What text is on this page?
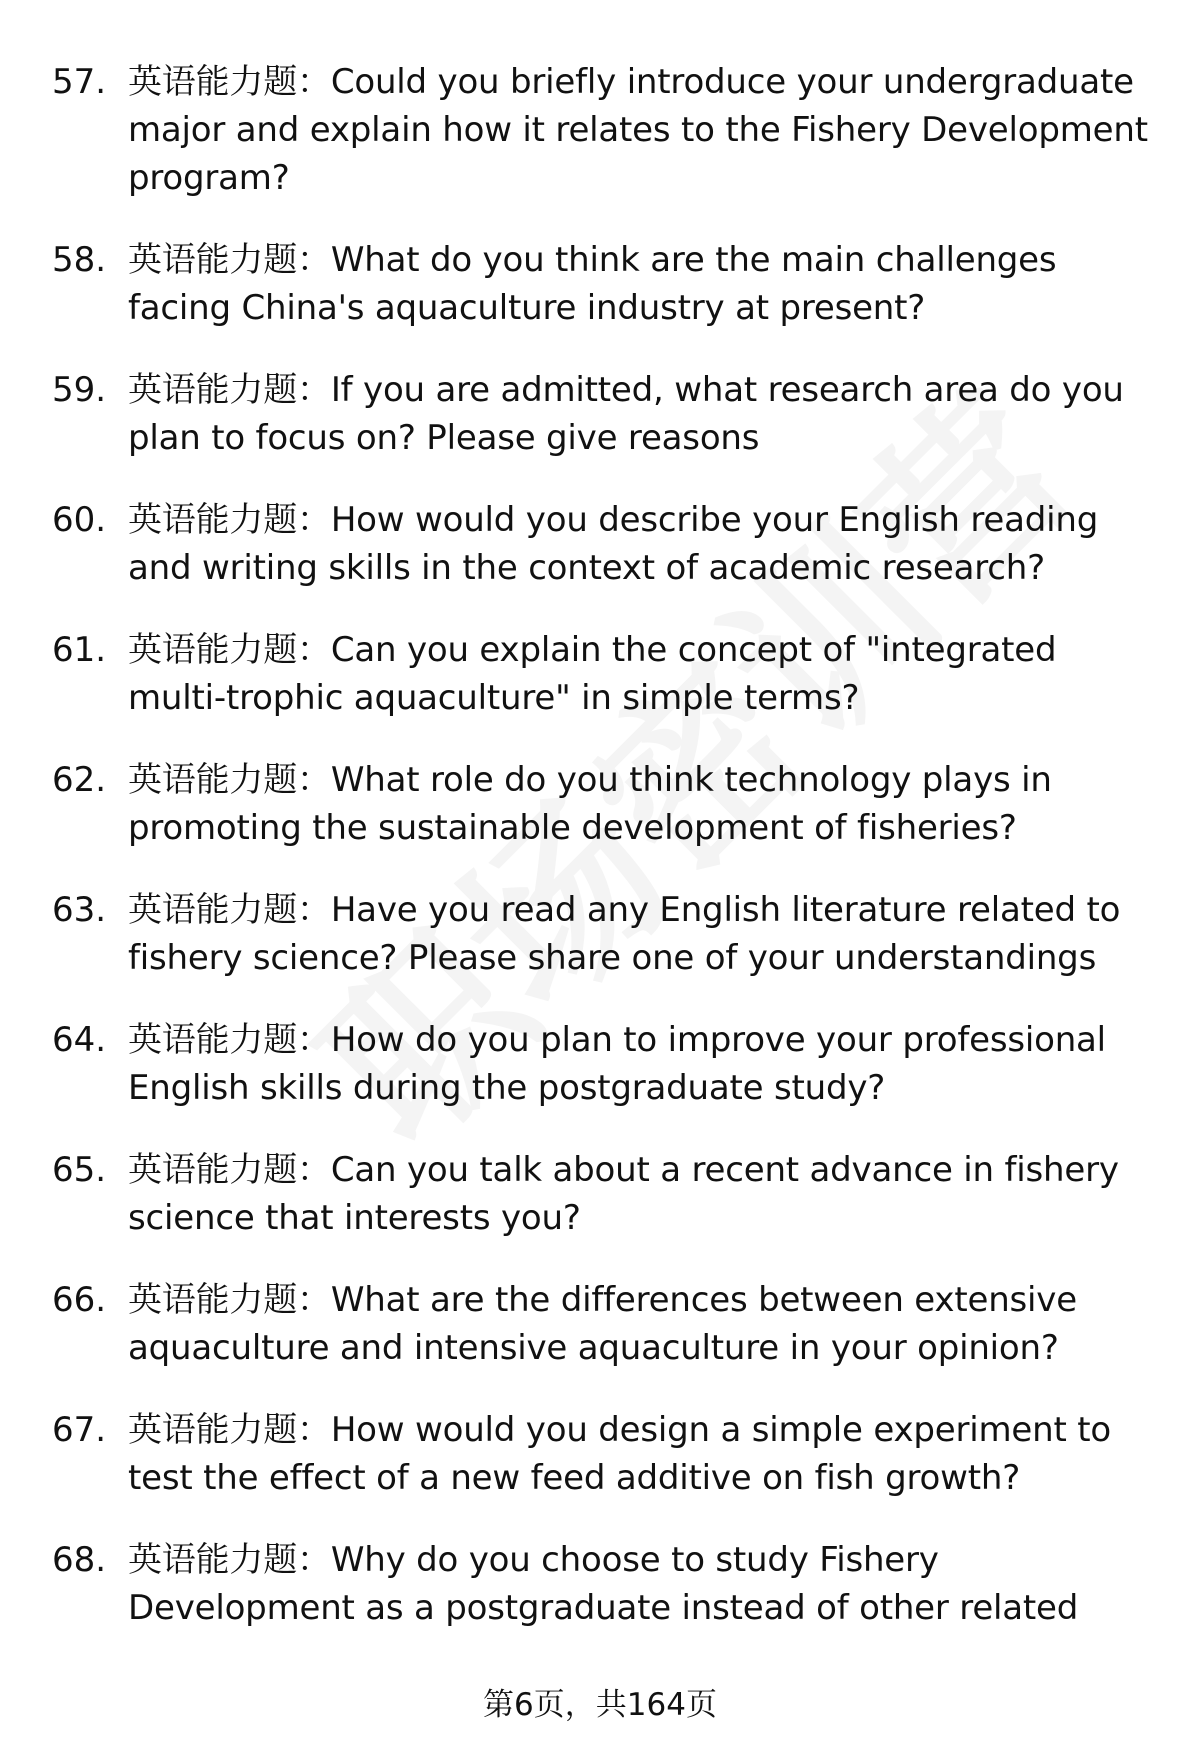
57. 英语能力题：Could you briefly introduce your undergraduate major and explain how it relates to the Fishery Development program?
58. 英语能力题：What do you think are the main challenges facing China's aquaculture industry at present?
59. 英语能力题：If you are admitted, what research area do you plan to focus on? Please give reasons
60. 英语能力题：How would you describe your English reading and writing skills in the context of academic research?
61. 英语能力题：Can you explain the concept of "integrated multi-trophic aquaculture" in simple terms?
62. 英语能力题：What role do you think technology plays in promoting the sustainable development of fisheries?
63. 英语能力题：Have you read any English literature related to fishery science? Please share one of your understandings
64. 英语能力题：How do you plan to improve your professional English skills during the postgraduate study?
65. 英语能力题：Can you talk about a recent advance in fishery science that interests you?
66. 英语能力题：What are the differences between extensive aquaculture and intensive aquaculture in your opinion?
67. 英语能力题：How would you design a simple experiment to test the effect of a new feed additive on fish growth?
68. 英语能力题：Why do you choose to study Fishery Development as a postgraduate instead of other related
第6页，共164页
